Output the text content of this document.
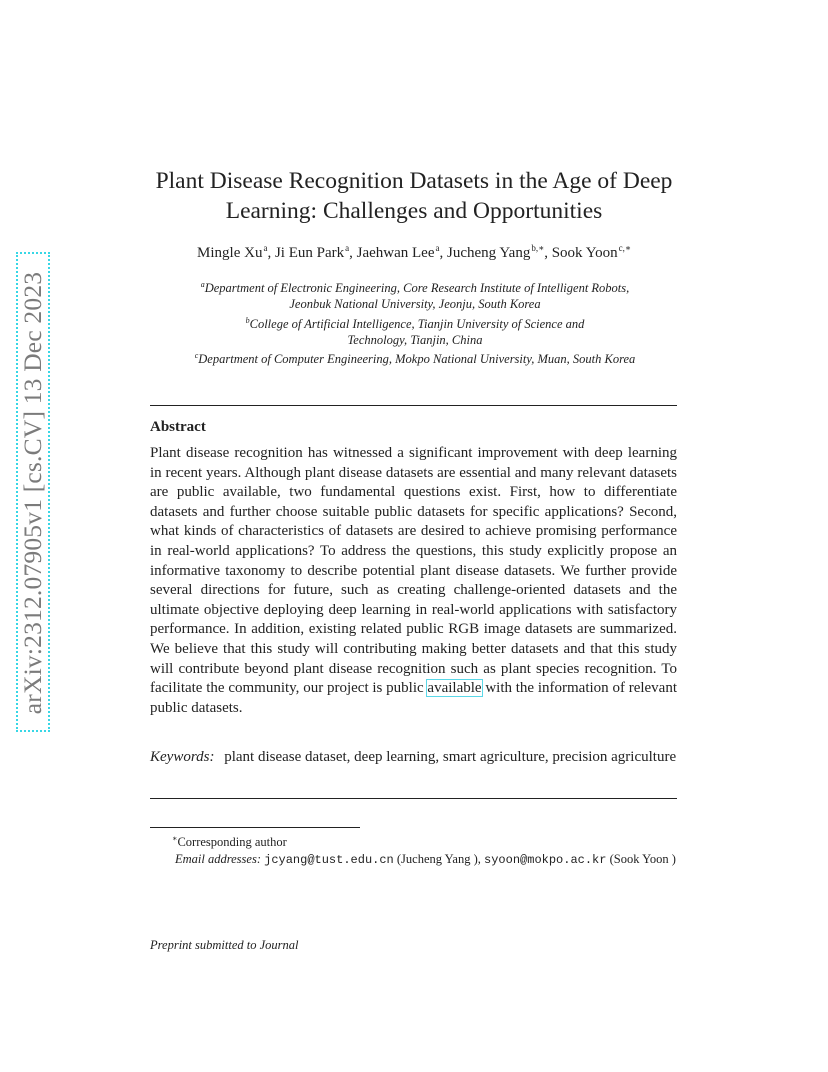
arXiv:2312.07905v1 [cs.CV] 13 Dec 2023
Plant Disease Recognition Datasets in the Age of Deep
Learning: Challenges and Opportunities
Mingle Xu$^a$, Ji Eun Park$^a$, Jaehwan Lee$^a$, Jucheng Yang$^{b,∗}$, Sook Yoon$^{c,∗}$
$^a$Department of Electronic Engineering, Core Research Institute of Intelligent Robots,
Jeonbuk National University, Jeonju, South Korea
$^b$College of Artificial Intelligence, Tianjin University of Science and
Technology, Tianjin, China
$^c$Department of Computer Engineering, Mokpo National University, Muan, South Korea
Abstract
Plant disease recognition has witnessed a significant improvement with deep learning in recent years. Although plant disease datasets are essential and many relevant datasets are public available, two fundamental questions exist. First, how to differentiate datasets and further choose suitable public datasets for specific applications? Second, what kinds of characteristics of datasets are desired to achieve promising performance in real-world applications? To address the questions, this study explicitly propose an informative taxonomy to describe potential plant disease datasets. We further provide several directions for future, such as creating challenge-oriented datasets and the ultimate objective deploying deep learning in real-world applications with satisfactory performance. In addition, existing related public RGB image datasets are summarized. We believe that this study will contributing making better datasets and that this study will contribute beyond plant disease recognition such as plant species recognition. To facilitate the community, our project is public available with the information of relevant public datasets.
Keywords: plant disease dataset, deep learning, smart agriculture, precision agriculture
∗Corresponding author
Email addresses: jcyang@tust.edu.cn (Jucheng Yang ), syoon@mokpo.ac.kr (Sook Yoon )
Preprint submitted to Journal
